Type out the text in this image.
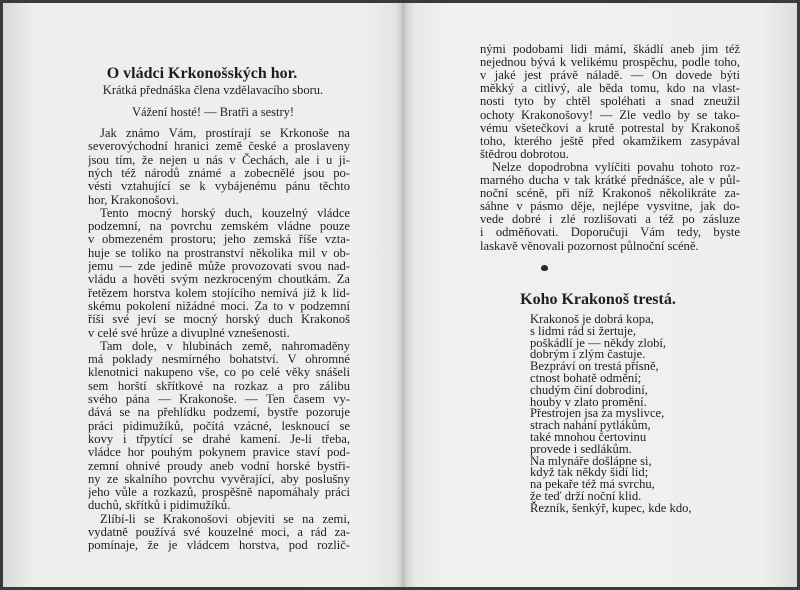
O vládci Krkonošských hor.
Krátká přednáška člena vzdělavacího sboru.
Vážení hosté! — Bratři a sestry!
Jak známo Vám, prostírají se Krkonoše na
severovýchodní hranici země české a proslaveny
jsou tím, že nejen u nás v Čechách, ale i u ji-
ných též národů známé a zobecnělé jsou po-
vésti vztahující se k vybájenému pánu těchto
hor, Krakonošovi.
Tento mocný horský duch, kouzelný vládce
podzemní, na povrchu zemském vládne pouze
v obmezeném prostoru; jeho zemská říše vzta-
huje se toliko na prostranství několika mil v ob-
jemu — zde jedině může provozovati svou nad-
vládu a hověti svým nezkroceným choutkám. Za
řetězem horstva kolem stojícího nemívá již k lid-
skému pokolení nižádné moci. Za to v podzemní
říši své jeví se mocný horský duch Krakonoš
v celé své hrůze a divuplné vznešenosti.
Tam dole, v hlubinách země, nahromaděny
má poklady nesmírného bohatství. V ohromné
klenotnici nakupeno vše, co po celé věky snášeli
sem horští skřítkové na rozkaz a pro zálibu
svého pána — Krakonoše. — Ten časem vy-
dává se na přehlídku podzemí, bystře pozoruje
práci pidimužíků, počítá vzácné, lesknoucí se
kovy i třpytící se drahé kamení. Je-li třeba,
vládce hor pouhým pokynem pravice staví pod-
zemní ohnivé proudy aneb vodní horské bystři-
ny ze skalního povrchu vyvěrající, aby poslušny
jeho vůle a rozkazů, prospěšně napomáhaly práci
duchů, skřítků i pidimužíků.
Zlíbí-li se Krakonošovi objeviti se na zemi,
vydatně používá své kouzelné moci, a rád za-
pomínaje, že je vládcem horstva, pod rozlič-
nými podobami lidi mámí, škádlí aneb jim též
nejednou bývá k velikému prospěchu, podle toho,
v jaké jest právě náladě. — On dovede býti
měkký a citlivý, ale běda tomu, kdo na vlast-
nosti tyto by chtěl spoléhati a snad zneužil
ochoty Krakonošovy! — Zle vedlo by se tako-
vému všetečkovi a krutě potrestal by Krakonoš
toho, kterého ještě před okamžikem zasypával
štědrou dobrotou.
Nelze dopodrobna vylíčiti povahu tohoto roz-
marného ducha v tak krátké přednášce, ale v půl-
noční scéně, při níž Krakonoš několikráte za-
sáhne v pásmo děje, nejlépe vysvitne, jak do-
vede dobré i zlé rozlišovati a též po zásluze
i odměňovati. Doporučuji Vám tedy, byste
laskavě věnovali pozornost půlnoční scéně.
Koho Krakonoš trestá.
Krakonoš je dobrá kopa,
s lidmi rád si žertuje,
poškádlí je — někdy zlobí,
dobrým i zlým častuje.
Bezpráví on trestá přísně,
ctnost bohatě odmění;
chudým činí dobrodiní,
houby v zlato promění.
Přestrojen jsa za myslivce,
strach nahání pytlákům,
také mnohou čertovinu
provede i sedlákům.
Na mlynáře došlápne si,
když tak někdy šidí lid;
na pekaře též má svrchu,
že teď drží noční klid.
Řezník, šenkýř, kupec, kde kdo,
